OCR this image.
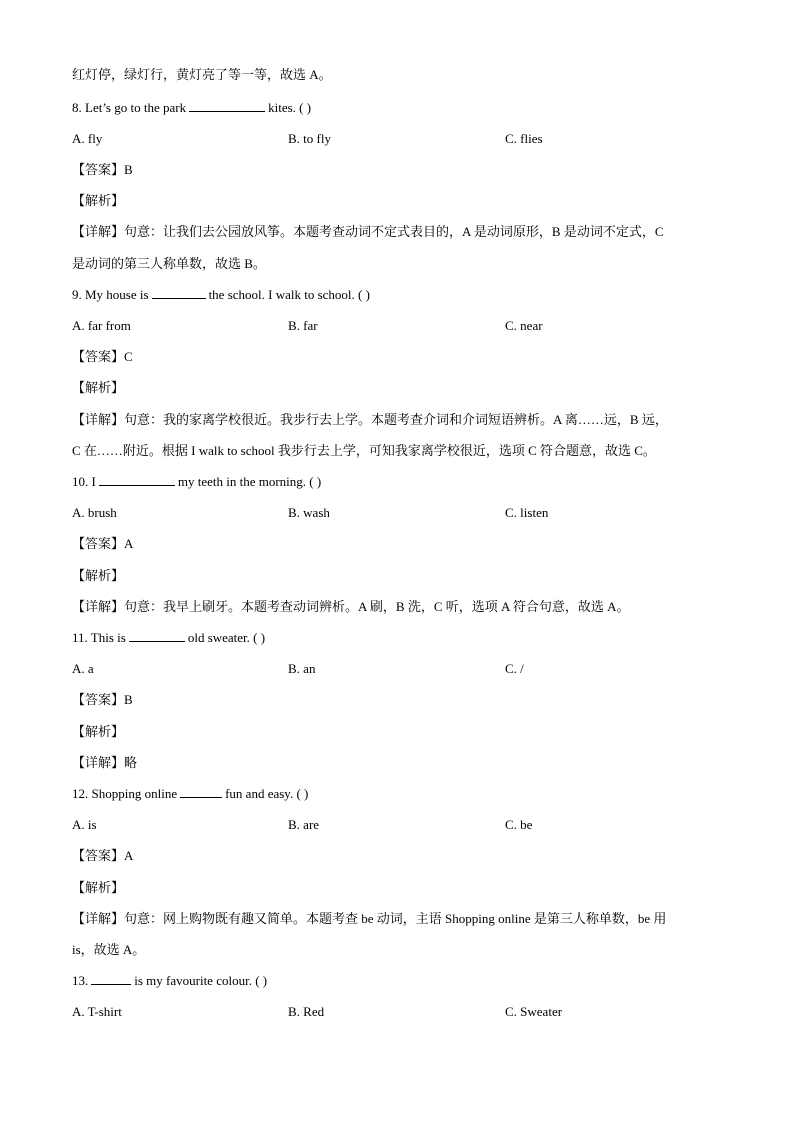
红灯停，绿灯行，黄灯亮了等一等，故选 A。
8. Let’s go to the park	kites. ( )
A. fly	B. to fly	C. flies
【答案】B
【解析】
【详解】句意：让我们去公园放风筝。本题考查动词不定式表目的，A 是动词原形，B 是动词不定式，C
是动词的第三人称单数，故选 B。
9. My house is	the school. I walk to school. ( )
A. far from	B. far	C. near
【答案】C
【解析】
【详解】句意：我的家离学校很近。我步行去上学。本题考查介词和介词短语辨析。A 离……远，B 远，
C 在……附近。根据 I walk to school 我步行去上学，可知我家离学校很近，选项 C 符合题意，故选 C。
10. I	my teeth in the morning. ( )
A. brush	B. wash	C. listen
【答案】A
【解析】
【详解】句意：我早上刷牙。本题考查动词辨析。A 刷，B 洗，C 听，选项 A 符合句意，故选 A。
11. This is	old sweater. ( )
A. a	B. an	C. /
【答案】B
【解析】
【详解】略
12. Shopping online	fun and easy. ( )
A. is	B. are	C. be
【答案】A
【解析】
【详解】句意：网上购物既有趣又简单。本题考查 be 动词，主语 Shopping online 是第三人称单数，be 用
is，故选 A。
13.	is my favourite colour. ( )
A. T-shirt	B. Red	C. Sweater
